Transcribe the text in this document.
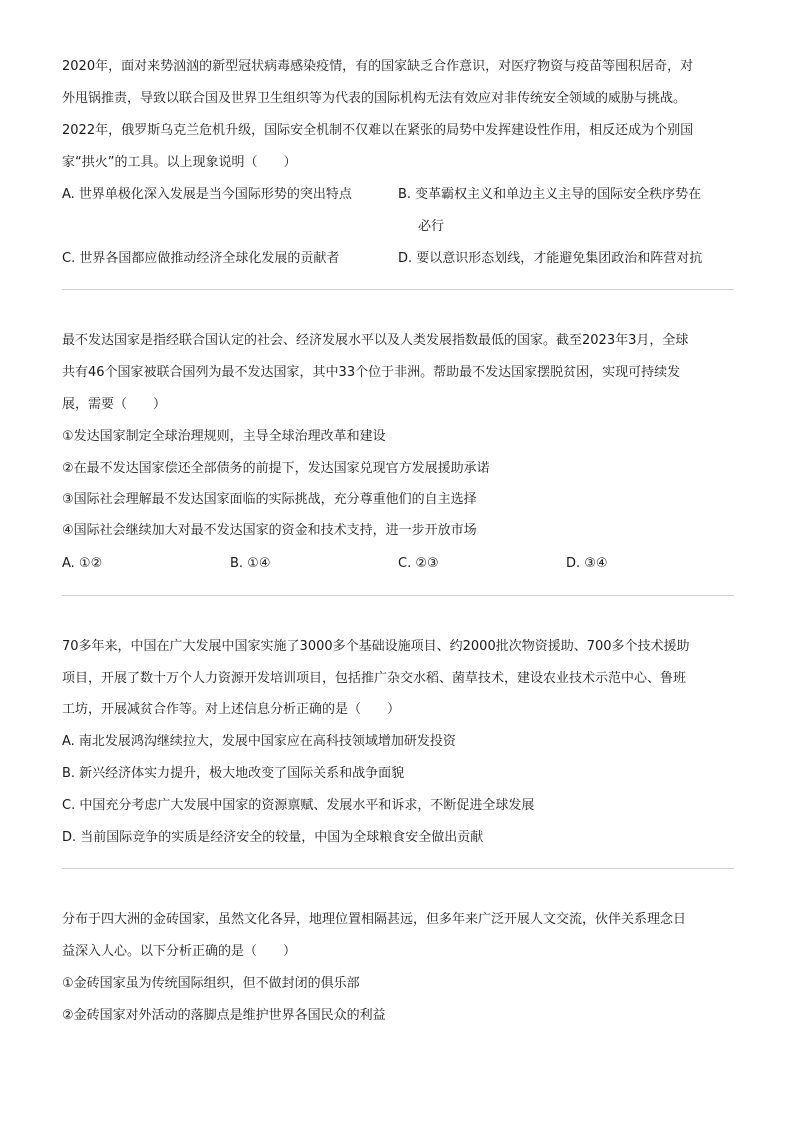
2020年，面对来势汹汹的新型冠状病毒感染疫情，有的国家缺乏合作意识，对医疗物资与疫苗等囤积居奇，对
外甩锅推责，导致以联合国及世界卫生组织等为代表的国际机构无法有效应对非传统安全领域的威胁与挑战。
2022年，俄罗斯乌克兰危机升级，国际安全机制不仅难以在紧张的局势中发挥建设性作用，相反还成为个别国
家“拱火”的工具。以上现象说明（　　）
A. 世界单极化深入发展是当今国际形势的突出特点	B. 变革霸权主义和单边主义主导的国际安全秩序势在
必行
C. 世界各国都应做推动经济全球化发展的贡献者	D. 要以意识形态划线，才能避免集团政治和阵营对抗
最不发达国家是指经联合国认定的社会、经济发展水平以及人类发展指数最低的国家。截至2023年3月，全球
共有46个国家被联合国列为最不发达国家，其中33个位于非洲。帮助最不发达国家摆脱贫困，实现可持续发
展，需要（　　）
①发达国家制定全球治理规则，主导全球治理改革和建设
②在最不发达国家偿还全部债务的前提下，发达国家兑现官方发展援助承诺
③国际社会理解最不发达国家面临的实际挑战，充分尊重他们的自主选择
④国际社会继续加大对最不发达国家的资金和技术支持，进一步开放市场
A. ①②	B. ①④	C. ②③	D. ③④
70多年来，中国在广大发展中国家实施了3000多个基础设施项目、约2000批次物资援助、700多个技术援助
项目，开展了数十万个人力资源开发培训项目，包括推广杂交水稻、菌草技术，建设农业技术示范中心、鲁班
工坊，开展减贫合作等。对上述信息分析正确的是（　　）
A. 南北发展鸿沟继续拉大，发展中国家应在高科技领域增加研发投资
B. 新兴经济体实力提升，极大地改变了国际关系和战争面貌
C. 中国充分考虑广大发展中国家的资源禀赋、发展水平和诉求，不断促进全球发展
D. 当前国际竞争的实质是经济安全的较量，中国为全球粮食安全做出贡献
分布于四大洲的金砖国家，虽然文化各异，地理位置相隔甚远，但多年来广泛开展人文交流，伙伴关系理念日
益深入人心。以下分析正确的是（　　）
①金砖国家虽为传统国际组织，但不做封闭的俱乐部
②金砖国家对外活动的落脚点是维护世界各国民众的利益
